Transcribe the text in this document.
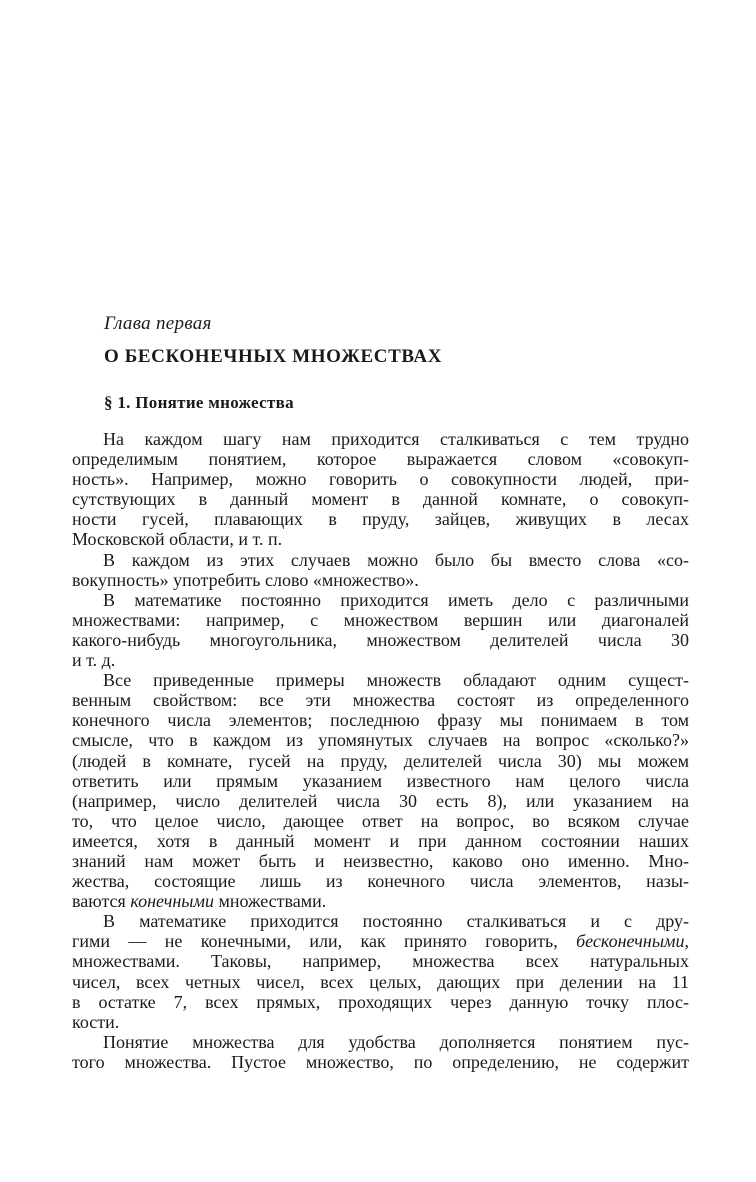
Глава первая
О БЕСКОНЕЧНЫХ МНОЖЕСТВАХ
§ 1. Понятие множества

На каждом шагу нам приходится сталкиваться с тем трудно
определимым понятием, которое выражается словом «совокуп-
ность». Например, можно говорить о совокупности людей, при-
сутствующих в данный момент в данной комнате, о совокуп-
ности гусей, плавающих в пруду, зайцев, живущих в лесах
Московской области, и т. п.

В каждом из этих случаев можно было бы вместо слова «со-
вокупность» употребить слово «множество».

В математике постоянно приходится иметь дело с различными
множествами: например, с множеством вершин или диагоналей
какого-нибудь многоугольника, множеством делителей числа 30
и т. д.

Все приведенные примеры множеств обладают одним сущест-
венным свойством: все эти множества состоят из определенного
конечного числа элементов; последнюю фразу мы понимаем в том
смысле, что в каждом из упомянутых случаев на вопрос «сколько?»
(людей в комнате, гусей на пруду, делителей числа 30) мы можем
ответить или прямым указанием известного нам целого числа
(например, число делителей числа 30 есть 8), или указанием на
то, что целое число, дающее ответ на вопрос, во всяком случае
имеется, хотя в данный момент и при данном состоянии наших
знаний нам может быть и неизвестно, каково оно именно. Мно-
жества, состоящие лишь из конечного числа элементов, назы-
ваются конечными множествами.

В математике приходится постоянно сталкиваться и с дру-
гими — не конечными, или, как принято говорить, бесконечными,
множествами. Таковы, например, множества всех натуральных
чисел, всех четных чисел, всех целых, дающих при делении на 11
в остатке 7, всех прямых, проходящих через данную точку плос-
кости.

Понятие множества для удобства дополняется понятием пус-
того множества. Пустое множество, по определению, не содержит
